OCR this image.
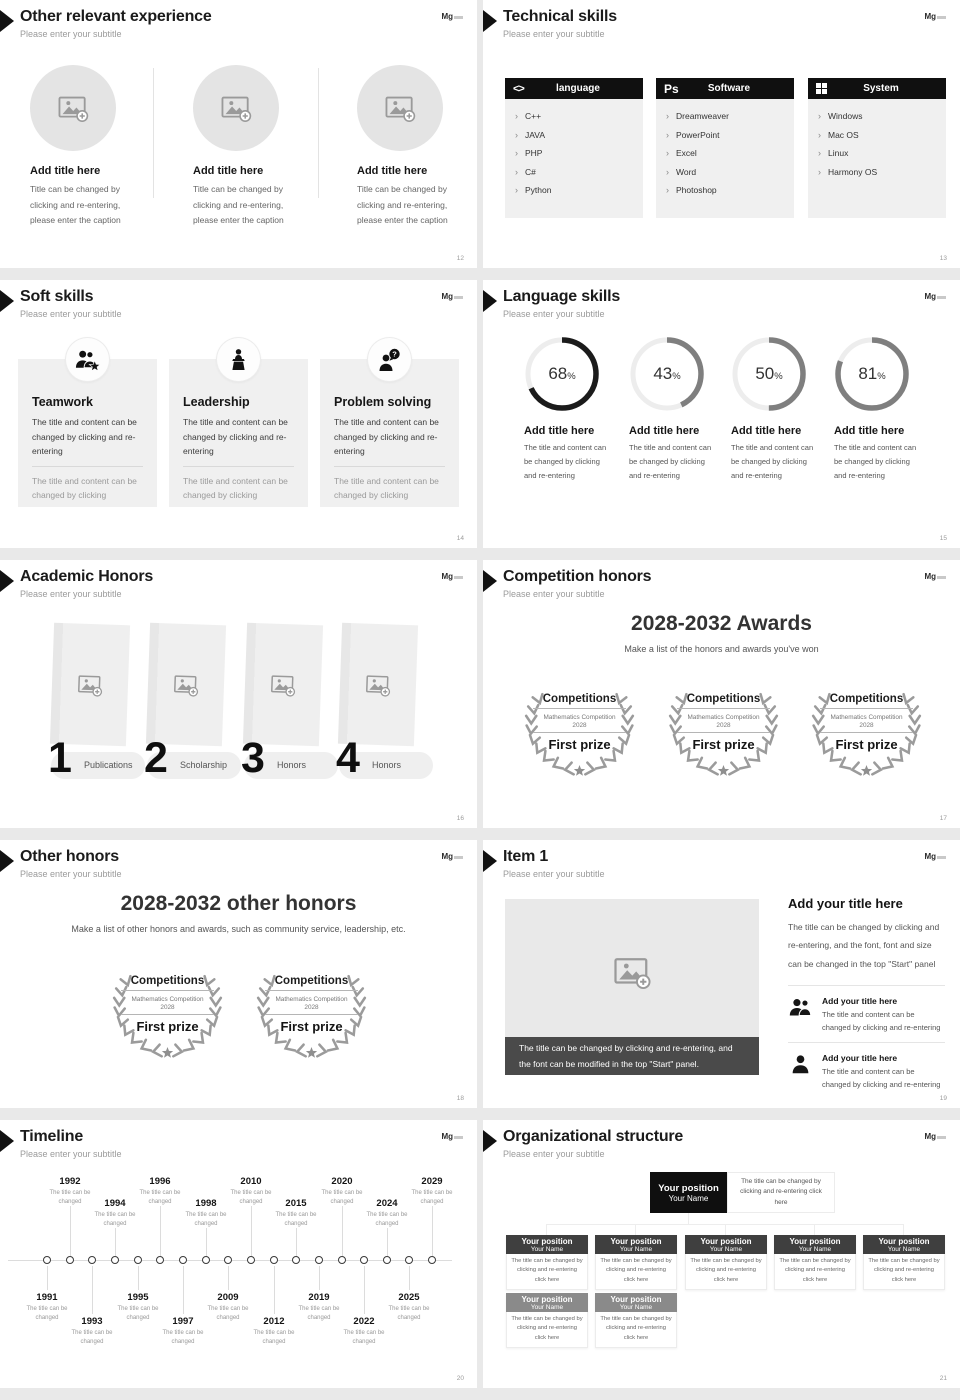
Other relevant experience
Please enter your subtitle
Mg
Add title here
Title can be changed by clicking and re-entering, please enter the caption
Add title here
Title can be changed by clicking and re-entering, please enter the caption
Add title here
Title can be changed by clicking and re-entering, please enter the caption
12
Technical skills
Please enter your subtitle
Mg
<>	language
› C++
› JAVA
› PHP
› C#
› Python
Ps	Software
› Dreamweaver
› PowerPoint
› Excel
› Word
› Photoshop
System
› Windows
› Mac OS
› Linux
› Harmony OS
13
Soft skills
Please enter your subtitle
Mg
Teamwork
The title and content can be changed by clicking and re-entering
The title and content can be changed by clicking
Leadership
The title and content can be changed by clicking and re-entering
The title and content can be changed by clicking
Problem solving
The title and content can be changed by clicking and re-entering
The title and content can be changed by clicking
14
Language skills
Please enter your subtitle
Mg
68 %
Add title here
The title and content can be changed by clicking and re-entering
43 %
Add title here
The title and content can be changed by clicking and re-entering
50 %
Add title here
The title and content can be changed by clicking and re-entering
81 %
Add title here
The title and content can be changed by clicking and re-entering
15
Academic Honors
Please enter your subtitle
Mg
Publications
1	Scholarship
2	Honors
3	Honors
4
16
Competition honors
Please enter your subtitle
Mg
2028-2032 Awards
Make a list of the honors and awards you've won
Competitions
Mathematics Competition
2028
First prize
Competitions
Mathematics Competition
2028
First prize
Competitions
Mathematics Competition
2028
First prize
17
Other honors
Please enter your subtitle
Mg
2028-2032 other honors
Make a list of other honors and awards, such as community service, leadership, etc.
Competitions
Mathematics Competition
2028
First prize
Competitions
Mathematics Competition
2028
First prize
18
Item 1
Please enter your subtitle
Mg
The title can be changed by clicking and re-entering, and the font can be modified in the top "Start" panel.
Add your title here

The title can be changed by clicking and re-entering, and the font, font and size can be changed in the top "Start" panel

Add your title here

The title and content can be changed by clicking and re-entering

Add your title here

The title and content can be changed by clicking and re-entering

19
Timeline
Please enter your subtitle
Mg
1991
The title can be changed
1992
The title can be changed
1993
The title can be changed
1994
The title can be changed
1995
The title can be changed
1996
The title can be changed
1997
The title can be changed
1998
The title can be changed
2009
The title can be changed
2010
The title can be changed
2012
The title can be changed
2015
The title can be changed
2019
The title can be changed
2020
The title can be changed
2022
The title can be changed
2024
The title can be changed
2025
The title can be changed
2029
The title can be changed
20
Organizational structure
Please enter your subtitle
Mg
Your position
Your Name
The title can be changed by clicking and re-entering click here
Your position
Your Name
The title can be changed by clicking and re-entering click here
Your position
Your Name
The title can be changed by clicking and re-entering click here
Your position
Your Name
The title can be changed by clicking and re-entering click here
Your position
Your Name
The title can be changed by clicking and re-entering click here
Your position
Your Name
The title can be changed by clicking and re-entering click here
Your position
Your Name
The title can be changed by clicking and re-entering click here
Your position
Your Name
The title can be changed by clicking and re-entering click here
21
